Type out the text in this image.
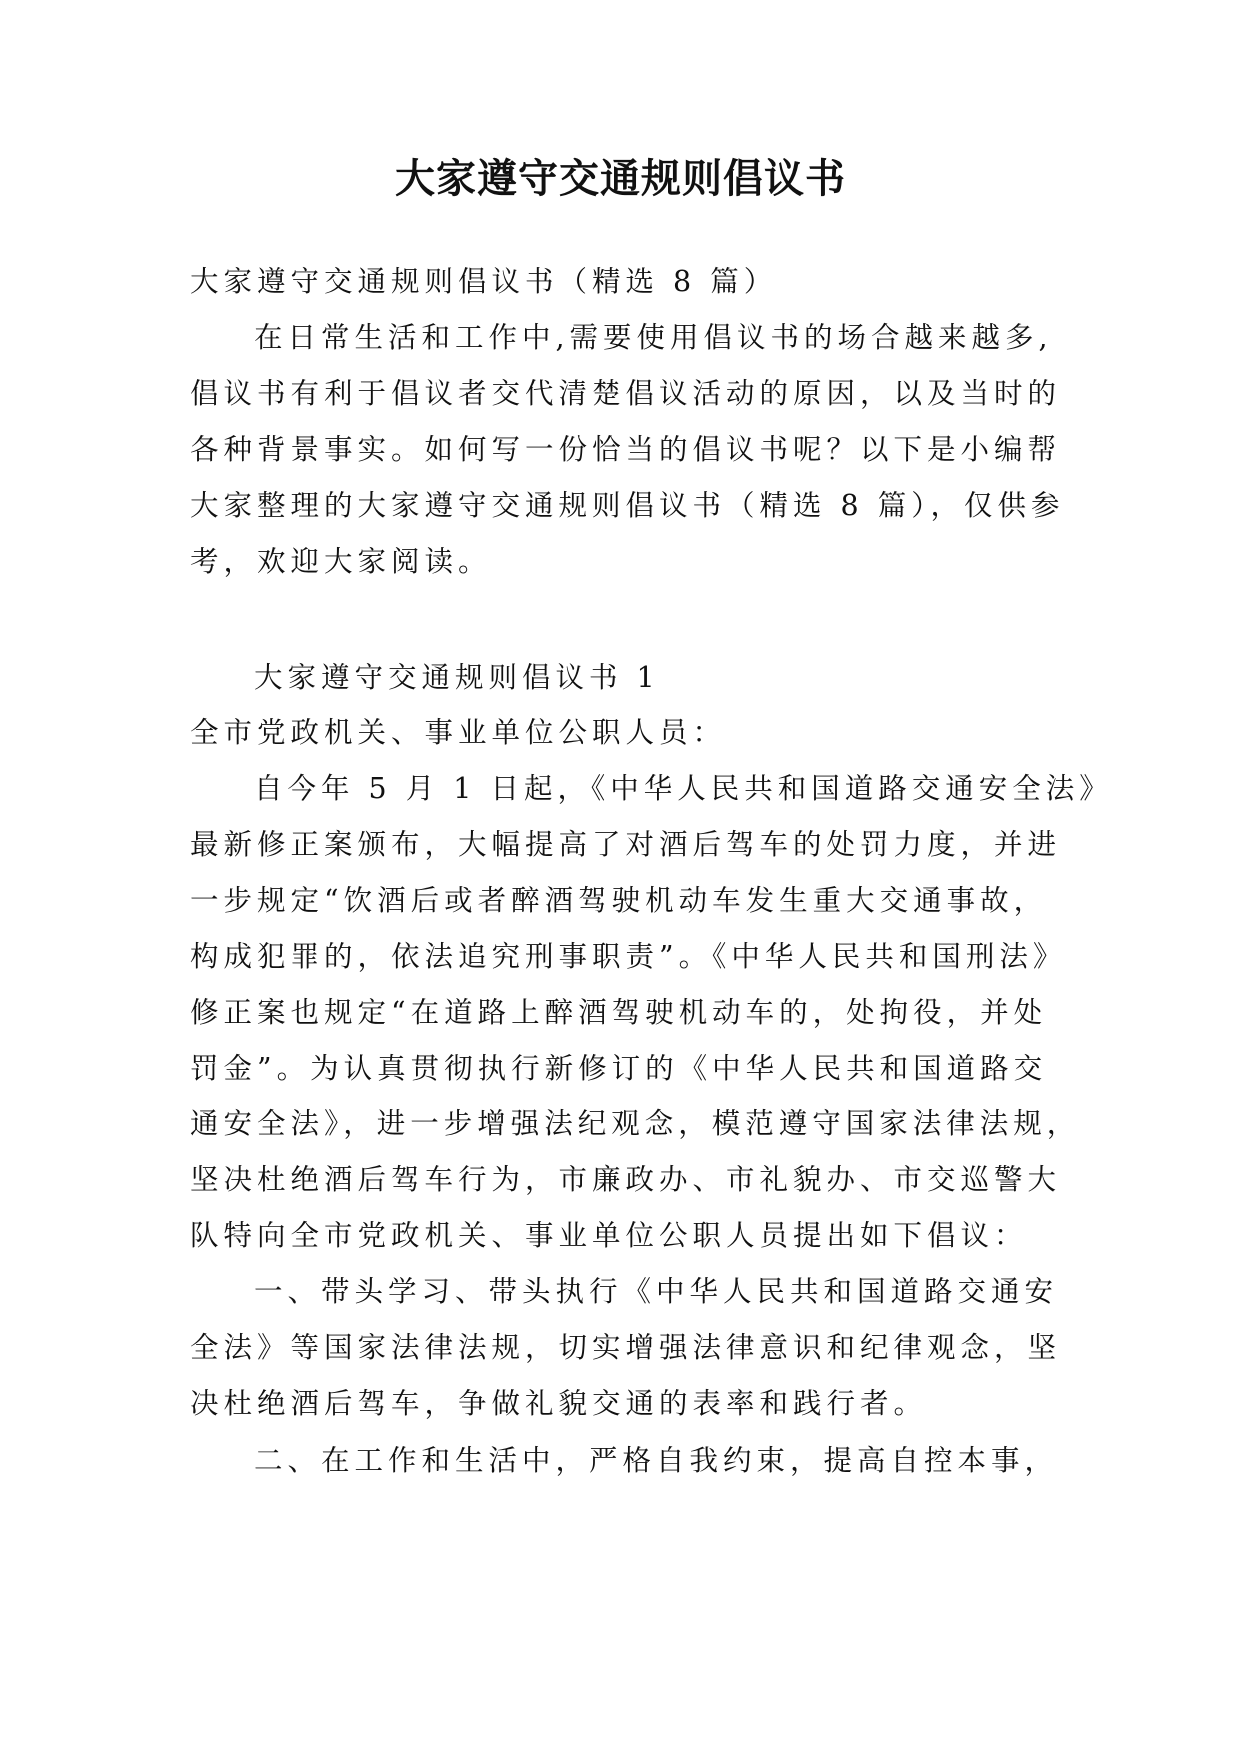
大家遵守交通规则倡议书
大家遵守交通规则倡议书（精选 8 篇）
在日常生活和工作中,需要使用倡议书的场合越来越多,
倡议书有利于倡议者交代清楚倡议活动的原因，以及当时的
各种背景事实。如何写一份恰当的倡议书呢？以下是小编帮
大家整理的大家遵守交通规则倡议书（精选 8 篇），仅供参
考，欢迎大家阅读。
大家遵守交通规则倡议书 1
全市党政机关、事业单位公职人员：
自今年 5 月 1 日起，《中华人民共和国道路交通安全法》
最新修正案颁布，大幅提高了对酒后驾车的处罚力度，并进
一步规定“饮酒后或者醉酒驾驶机动车发生重大交通事故，
构成犯罪的，依法追究刑事职责”。《中华人民共和国刑法》
修正案也规定“在道路上醉酒驾驶机动车的，处拘役，并处
罚金”。为认真贯彻执行新修订的《中华人民共和国道路交
通安全法》，进一步增强法纪观念，模范遵守国家法律法规，
坚决杜绝酒后驾车行为，市廉政办、市礼貌办、市交巡警大
队特向全市党政机关、事业单位公职人员提出如下倡议：
一、带头学习、带头执行《中华人民共和国道路交通安
全法》等国家法律法规，切实增强法律意识和纪律观念，坚
决杜绝酒后驾车，争做礼貌交通的表率和践行者。
二、在工作和生活中，严格自我约束，提高自控本事，
